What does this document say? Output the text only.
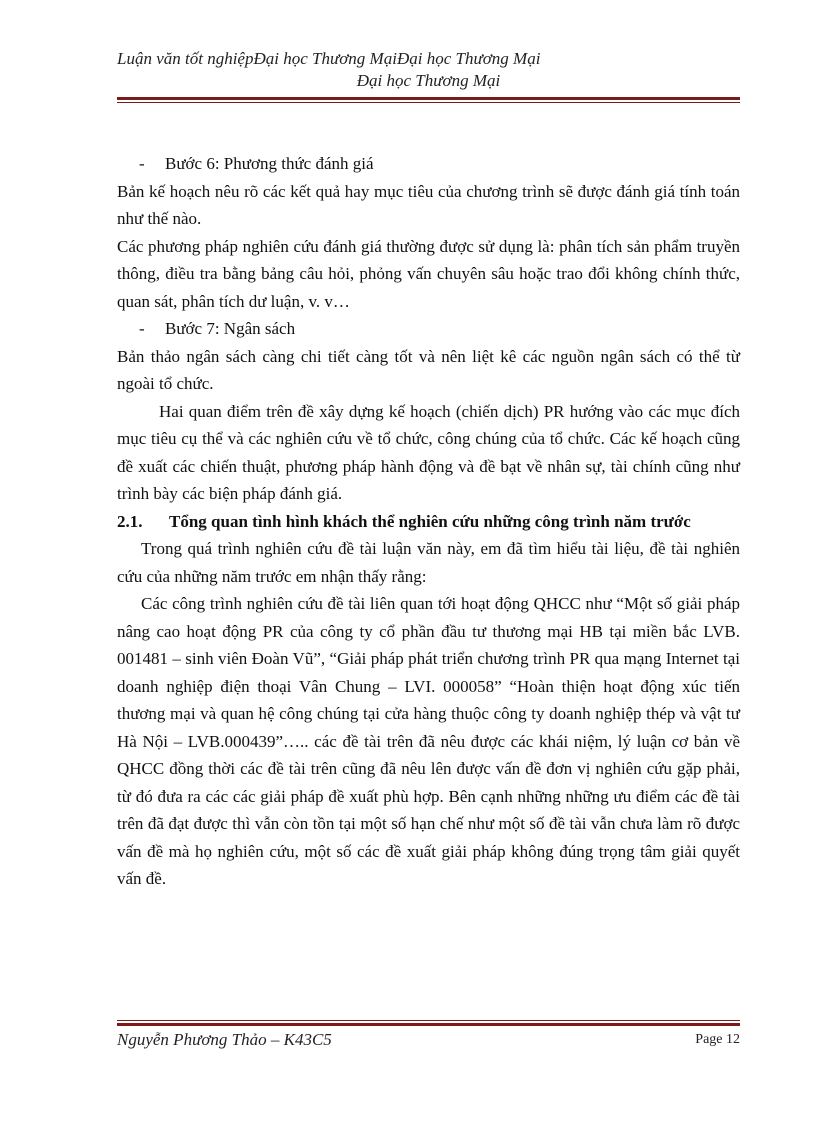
Luận văn tốt nghiệpĐại học Thương MạiĐại học Thương Mại
Đại học Thương Mại

- Bước 6: Phương thức đánh giá

Bản kế hoạch nêu rõ các kết quả hay mục tiêu của chương trình sẽ được đánh giá tính toán như thế nào.

Các phương pháp nghiên cứu đánh giá thường được sử dụng là: phân tích sản phẩm truyền thông, điều tra bằng bảng câu hỏi, phỏng vấn chuyên sâu hoặc trao đổi không chính thức, quan sát, phân tích dư luận, v. v…

- Bước 7: Ngân sách

Bản thảo ngân sách càng chi tiết càng tốt và nên liệt kê các nguồn ngân sách có thể từ ngoài tổ chức.

Hai quan điểm trên đề xây dựng kế hoạch (chiến dịch) PR hướng vào các mục đích mục tiêu cụ thể và các nghiên cứu về tổ chức, công chúng của tổ chức. Các kế hoạch cũng đề xuất các chiến thuật, phương pháp hành động và đề bạt về nhân sự, tài chính cũng như trình bày các biện pháp đánh giá.

2.1.	Tổng quan tình hình khách thể nghiên cứu những công trình năm trước

Trong quá trình nghiên cứu đề tài luận văn này, em đã tìm hiểu tài liệu, đề tài nghiên cứu của những năm trước em nhận thấy rằng:

Các công trình nghiên cứu đề tài liên quan tới hoạt động QHCC như “Một số giải pháp nâng cao hoạt động PR của công ty cổ phần đầu tư thương mại HB tại miền bắc LVB. 001481 – sinh viên Đoàn Vũ”, “Giải pháp phát triển chương trình PR qua mạng Internet tại doanh nghiệp điện thoại Vân Chung – LVI. 000058” “Hoàn thiện hoạt động xúc tiến thương mại và quan hệ công chúng tại cửa hàng thuộc công ty doanh nghiệp thép và vật tư Hà Nội – LVB.000439”….. các đề tài trên đã nêu được các khái niệm, lý luận cơ bản về QHCC đồng thời các đề tài trên cũng đã nêu lên được vấn đề đơn vị nghiên cứu gặp phải, từ đó đưa ra các các giải pháp đề xuất phù hợp. Bên cạnh những những ưu điểm các đề tài trên đã đạt được thì vẫn còn tồn tại một số hạn chế như một số đề tài vẫn chưa làm rõ được vấn đề mà họ nghiên cứu, một số các đề xuất giải pháp không đúng trọng tâm giải quyết vấn đề.

Nguyễn Phương Thảo – K43C5	Page 12
